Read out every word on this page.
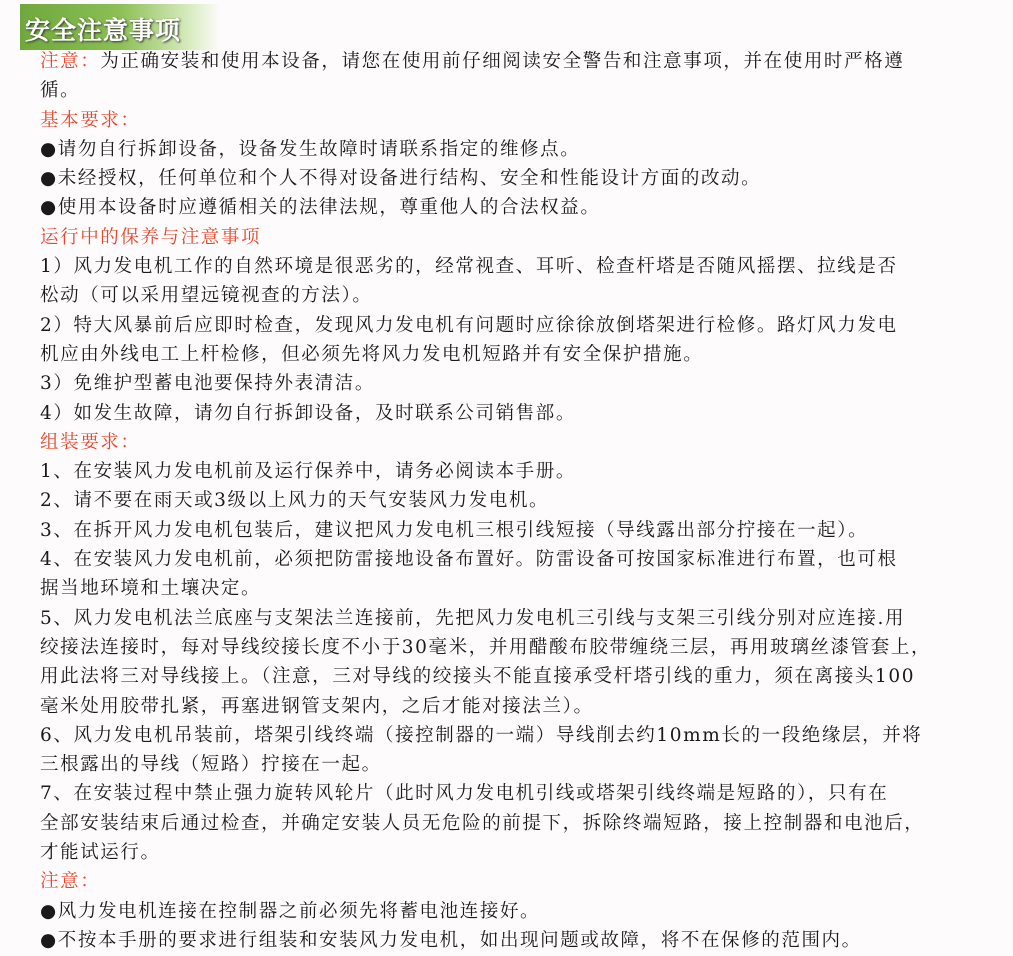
安全注意事项
注意：为正确安装和使用本设备，请您在使用前仔细阅读安全警告和注意事项，并在使用时严格遵
循。
基本要求：
●请勿自行拆卸设备，设备发生故障时请联系指定的维修点。
●未经授权，任何单位和个人不得对设备进行结构、安全和性能设计方面的改动。
●使用本设备时应遵循相关的法律法规，尊重他人的合法权益。
运行中的保养与注意事项
1）风力发电机工作的自然环境是很恶劣的，经常视查、耳听、检查杆塔是否随风摇摆、拉线是否
松动（可以采用望远镜视查的方法）。
2）特大风暴前后应即时检查，发现风力发电机有问题时应徐徐放倒塔架进行检修。路灯风力发电
机应由外线电工上杆检修，但必须先将风力发电机短路并有安全保护措施。
3）免维护型蓄电池要保持外表清洁。
4）如发生故障，请勿自行拆卸设备，及时联系公司销售部。
组装要求：
1、在安装风力发电机前及运行保养中，请务必阅读本手册。
2、请不要在雨天或3级以上风力的天气安装风力发电机。
3、在拆开风力发电机包装后，建议把风力发电机三根引线短接（导线露出部分拧接在一起）。
4、在安装风力发电机前，必须把防雷接地设备布置好。防雷设备可按国家标准进行布置，也可根
据当地环境和土壤决定。
5、风力发电机法兰底座与支架法兰连接前，先把风力发电机三引线与支架三引线分别对应连接.用
绞接法连接时，每对导线绞接长度不小于30毫米，并用醋酸布胶带缠绕三层，再用玻璃丝漆管套上，
用此法将三对导线接上。（注意，三对导线的绞接头不能直接承受杆塔引线的重力，须在离接头100
毫米处用胶带扎紧，再塞进钢管支架内，之后才能对接法兰）。
6、风力发电机吊装前，塔架引线终端（接控制器的一端）导线削去约10mm长的一段绝缘层，并将
三根露出的导线（短路）拧接在一起。
7、在安装过程中禁止强力旋转风轮片（此时风力发电机引线或塔架引线终端是短路的），只有在
全部安装结束后通过检查，并确定安装人员无危险的前提下，拆除终端短路，接上控制器和电池后，
才能试运行。
注意：
●风力发电机连接在控制器之前必须先将蓄电池连接好。
●不按本手册的要求进行组装和安装风力发电机，如出现问题或故障，将不在保修的范围内。
